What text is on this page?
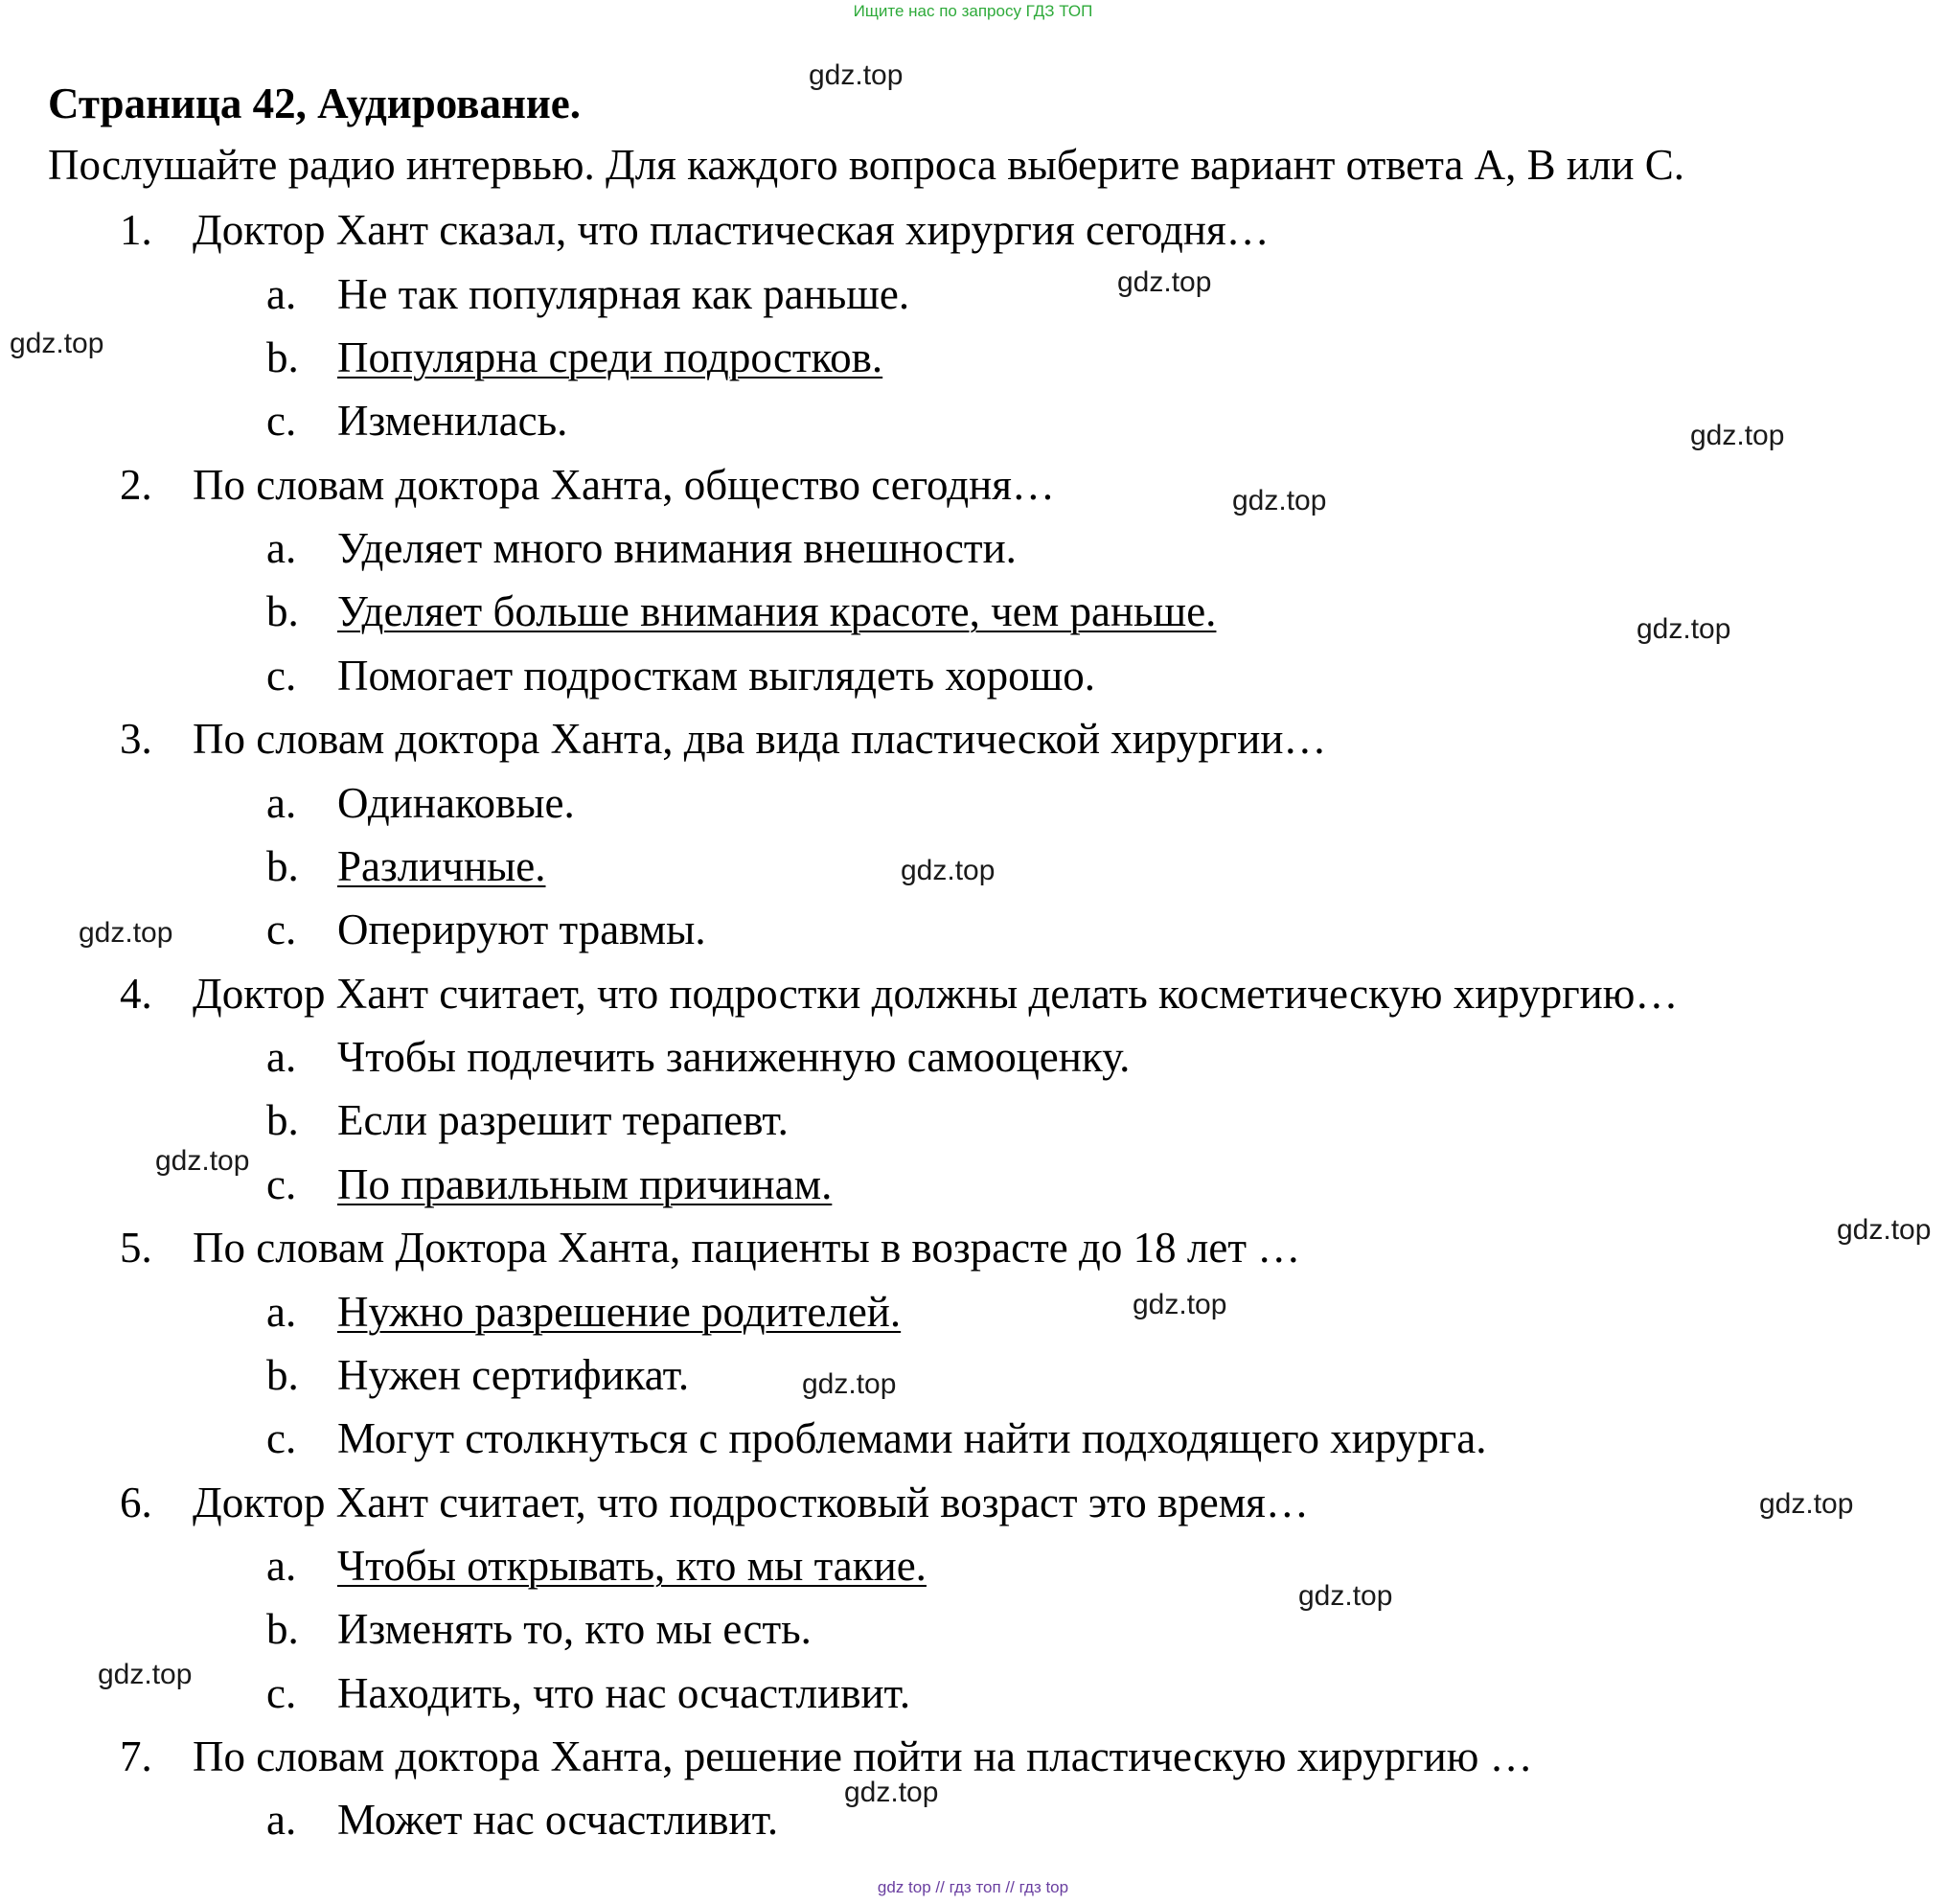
Ищите нас по запросу ГДЗ ТОП
Страница 42, Аудирование.

Послушайте радио интервью. Для каждого вопроса выберите вариант ответа A, B или C.

1. Доктор Хант сказал, что пластическая хирургия сегодня…
a. Не так популярная как раньше.
b. Популярна среди подростков.
c. Изменилась.
2. По словам доктора Ханта, общество сегодня…
a. Уделяет много внимания внешности.
b. Уделяет больше внимания красоте, чем раньше.
c. Помогает подросткам выглядеть хорошо.
3. По словам доктора Ханта, два вида пластической хирургии…
a. Одинаковые.
b. Различные.
c. Оперируют травмы.
4. Доктор Хант считает, что подростки должны делать косметическую хирургию…
a. Чтобы подлечить заниженную самооценку.
b. Если разрешит терапевт.
c. По правильным причинам.
5. По словам Доктора Ханта, пациенты в возрасте до 18 лет …
a. Нужно разрешение родителей.
b. Нужен сертификат.
c. Могут столкнуться с проблемами найти подходящего хирурга.
6. Доктор Хант считает, что подростковый возраст это время…
a. Чтобы открывать, кто мы такие.
b. Изменять то, кто мы есть.
c. Находить, что нас осчастливит.
7. По словам доктора Ханта, решение пойти на пластическую хирургию …
a. Может нас осчастливит.
gdz.top
gdz.top
gdz.top
gdz.top
gdz.top
gdz.top
gdz.top
gdz.top
gdz.top
gdz.top
gdz.top
gdz.top
gdz.top
gdz.top
gdz.top
gdz.top
gdz top // гдз топ // гдз top
